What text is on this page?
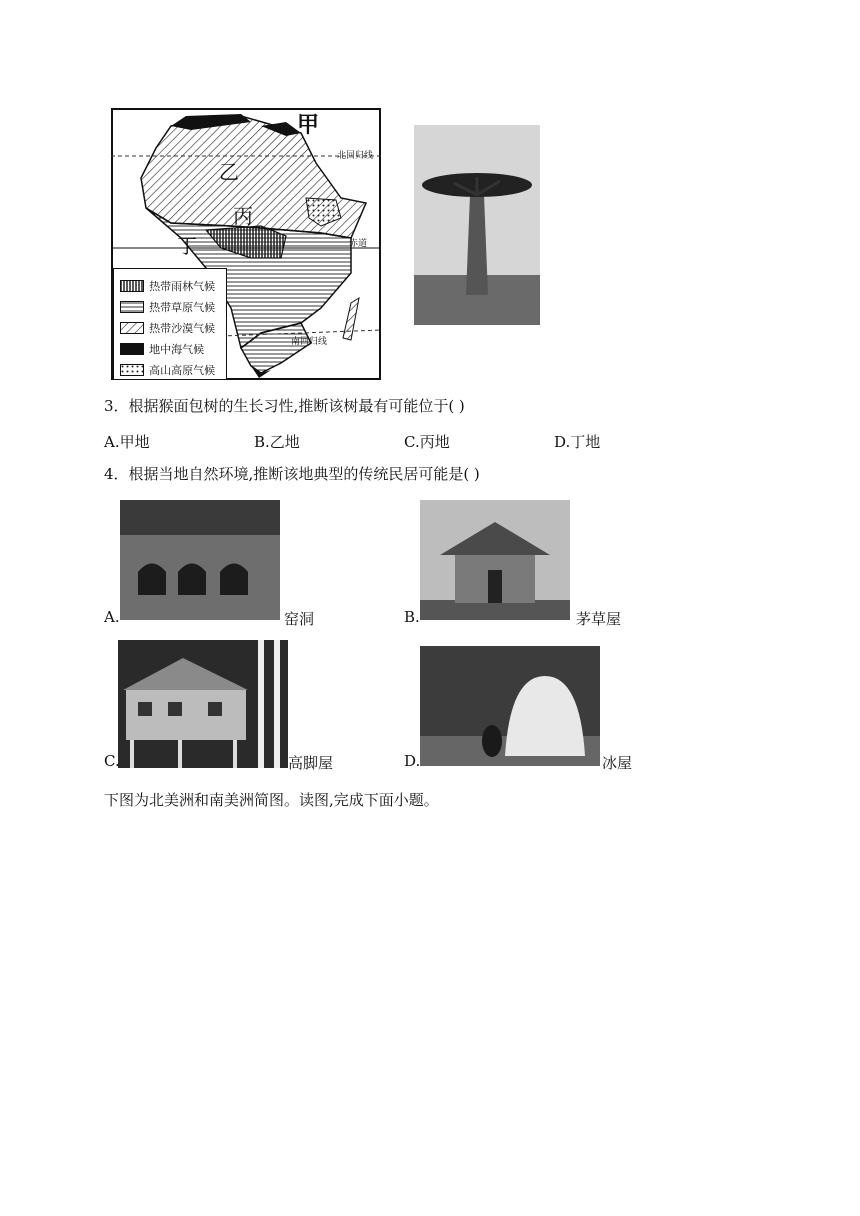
甲
乙
丙
丁
北回归线
赤道
南回归线
热带雨林气候
热带草原气候
热带沙漠气候
地中海气候
高山高原气候
3．根据猴面包树的生长习性,推断该树最有可能位于( )
A.甲地	B.乙地	C.丙地	D.丁地
4．根据当地自然环境,推断该地典型的传统民居可能是( )
A.	窑洞	B.	茅草屋
C.	高脚屋	D.	冰屋
下图为北美洲和南美洲简图。读图,完成下面小题。
